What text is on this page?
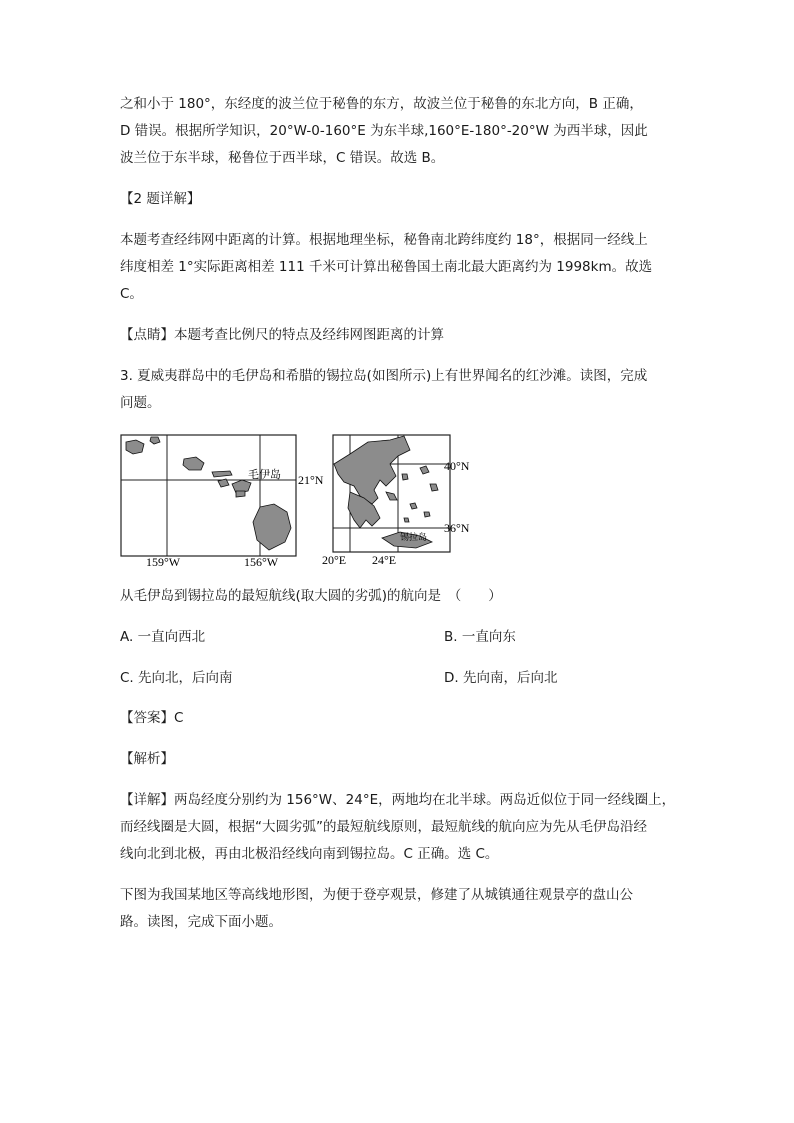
之和小于 180°，东经度的波兰位于秘鲁的东方，故波兰位于秘鲁的东北方向，B 正确，
D 错误。根据所学知识，20°W-0-160°E 为东半球,160°E-180°-20°W 为西半球，因此
波兰位于东半球，秘鲁位于西半球，C 错误。故选 B。
【2 题详解】
本题考查经纬网中距离的计算。根据地理坐标，秘鲁南北跨纬度约 18°，根据同一经线上
纬度相差 1°实际距离相差 111 千米可计算出秘鲁国土南北最大距离约为 1998km。故选
C。
【点睛】本题考查比例尺的特点及经纬网图距离的计算
3. 夏威夷群岛中的毛伊岛和希腊的锡拉岛(如图所示)上有世界闻名的红沙滩。读图，完成
问题。
毛伊岛 21°N
159°W	156°W
40°N
36°N
20°E 24°E
锡拉岛
从毛伊岛到锡拉岛的最短航线(取大圆的劣弧)的航向是　（　　）
A. 一直向西北	B. 一直向东
C. 先向北，后向南	D. 先向南，后向北
【答案】C
【解析】
【详解】两岛经度分别约为 156°W、24°E，两地均在北半球。两岛近似位于同一经线圈上，
而经线圈是大圆，根据“大圆劣弧”的最短航线原则，最短航线的航向应为先从毛伊岛沿经
线向北到北极，再由北极沿经线向南到锡拉岛。C 正确。选 C。
下图为我国某地区等高线地形图，为便于登亭观景，修建了从城镇通往观景亭的盘山公
路。读图，完成下面小题。
